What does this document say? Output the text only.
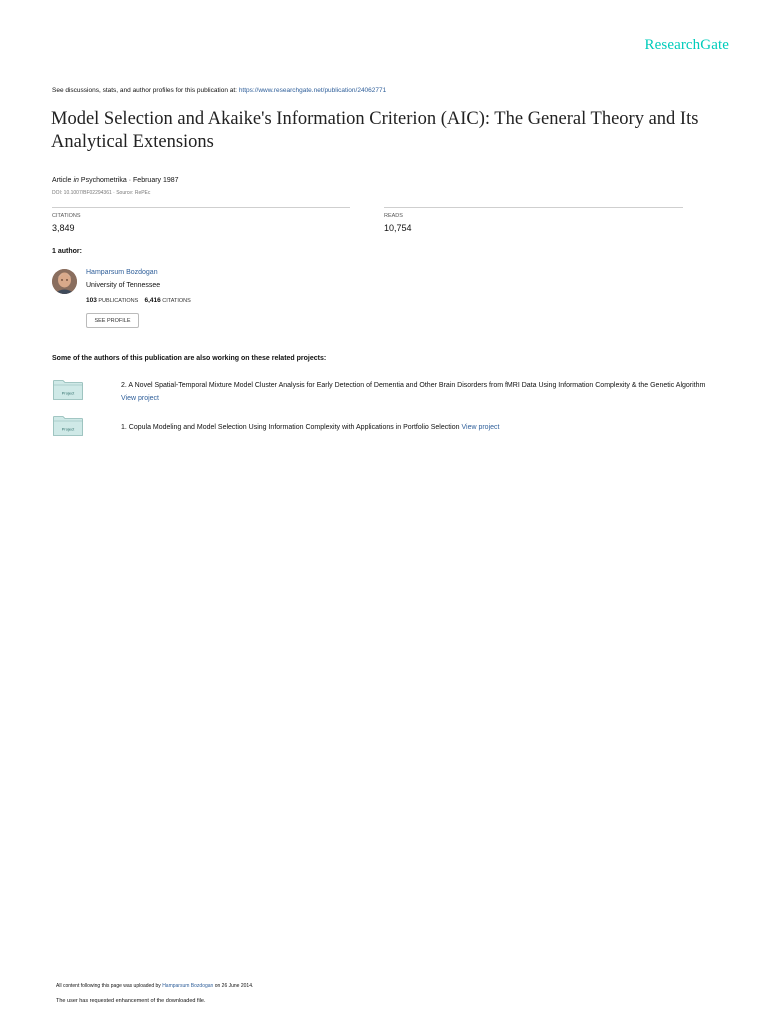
ResearchGate
See discussions, stats, and author profiles for this publication at: https://www.researchgate.net/publication/24062771
Model Selection and Akaike's Information Criterion (AIC): The General Theory and Its Analytical Extensions
Article in Psychometrika · February 1987
DOI: 10.1007/BF02294361 · Source: RePEc
CITATIONS
3,849
READS
10,754
1 author:
Hamparsum Bozdogan
University of Tennessee
103 PUBLICATIONS 6,416 CITATIONS
SEE PROFILE
Some of the authors of this publication are also working on these related projects:
Project
2. A Novel Spatial-Temporal Mixture Model Cluster Analysis for Early Detection of Dementia and Other Brain Disorders from fMRI Data Using Information Complexity & the Genetic Algorithm View project
Project	1. Copula Modeling and Model Selection Using Information Complexity with Applications in Portfolio Selection View project
All content following this page was uploaded by Hamparsum Bozdogan on 26 June 2014.
The user has requested enhancement of the downloaded file.
